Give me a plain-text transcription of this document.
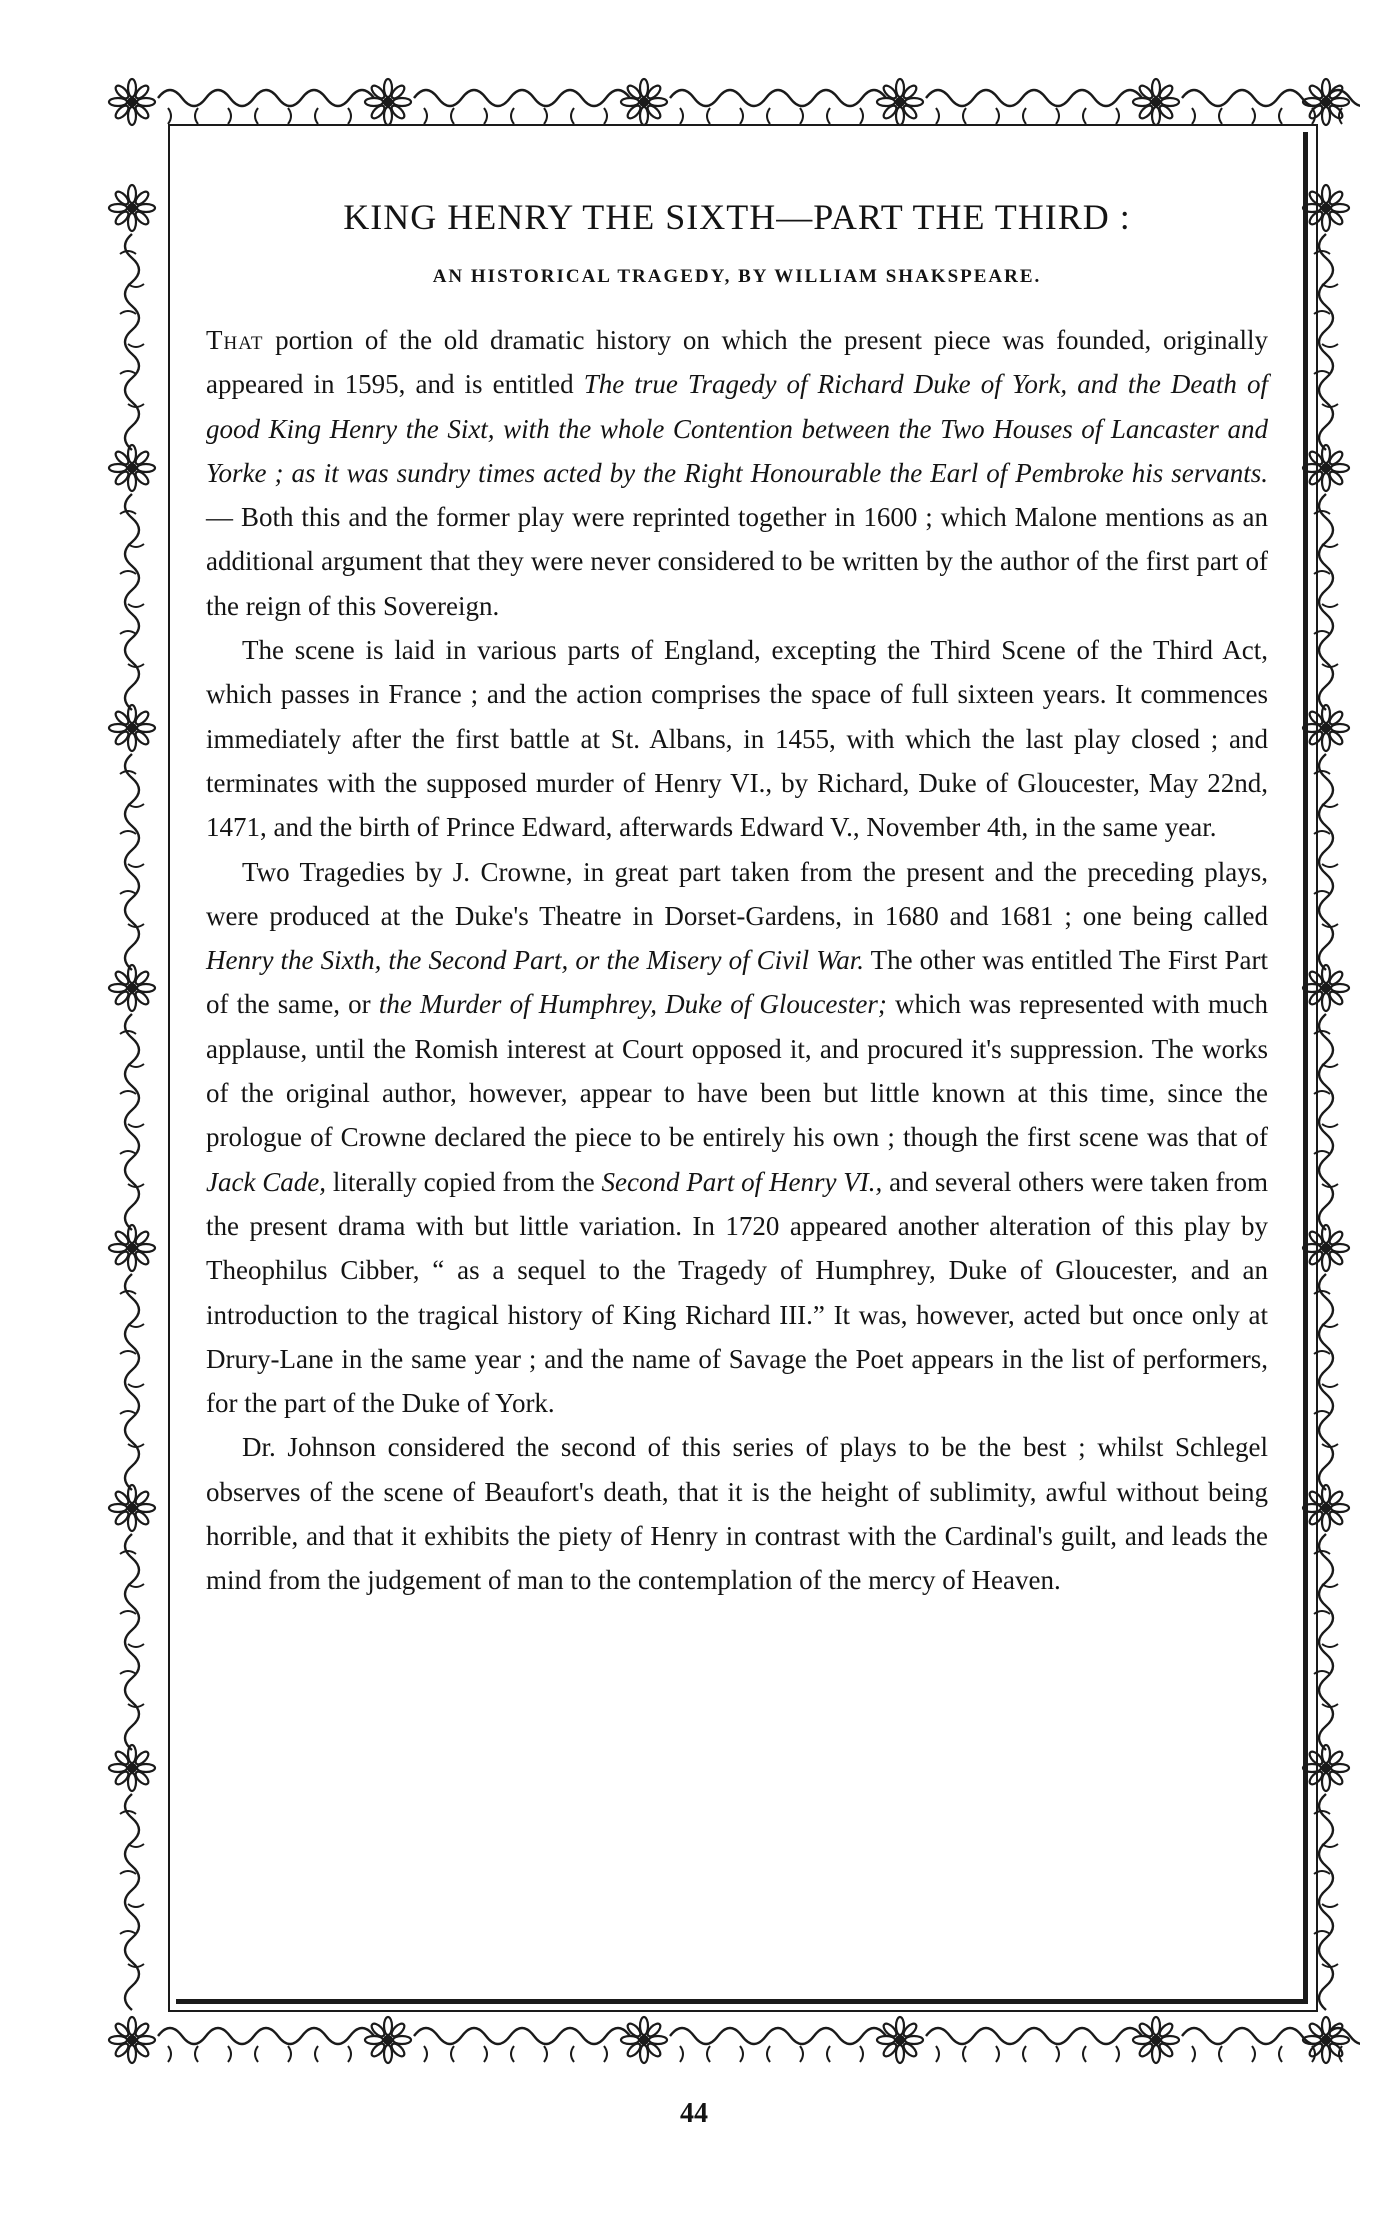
KING HENRY THE SIXTH—PART THE THIRD :
AN HISTORICAL TRAGEDY, BY WILLIAM SHAKSPEARE.

That portion of the old dramatic history on which the present piece was founded, originally appeared in 1595, and is entitled The true Tragedy of Richard Duke of York, and the Death of good King Henry the Sixt, with the whole Contention between the Two Houses of Lancaster and Yorke ; as it was sundry times acted by the Right Honourable the Earl of Pembroke his servants.— Both this and the former play were reprinted together in 1600 ; which Malone mentions as an additional argument that they were never considered to be written by the author of the first part of the reign of this Sovereign.

The scene is laid in various parts of England, excepting the Third Scene of the Third Act, which passes in France ; and the action comprises the space of full sixteen years. It commences immediately after the first battle at St. Albans, in 1455, with which the last play closed ; and terminates with the supposed murder of Henry VI., by Richard, Duke of Gloucester, May 22nd, 1471, and the birth of Prince Edward, afterwards Edward V., November 4th, in the same year.

Two Tragedies by J. Crowne, in great part taken from the present and the preceding plays, were produced at the Duke's Theatre in Dorset-Gardens, in 1680 and 1681 ; one being called Henry the Sixth, the Second Part, or the Misery of Civil War. The other was entitled The First Part of the same, or the Murder of Humphrey, Duke of Gloucester; which was represented with much applause, until the Romish interest at Court opposed it, and procured it's suppression. The works of the original author, however, appear to have been but little known at this time, since the prologue of Crowne declared the piece to be entirely his own ; though the first scene was that of Jack Cade, literally copied from the Second Part of Henry VI., and several others were taken from the present drama with but little variation. In 1720 appeared another alteration of this play by Theophilus Cibber, “ as a sequel to the Tragedy of Humphrey, Duke of Gloucester, and an introduction to the tragical history of King Richard III.” It was, however, acted but once only at Drury-Lane in the same year ; and the name of Savage the Poet appears in the list of performers, for the part of the Duke of York.

Dr. Johnson considered the second of this series of plays to be the best ; whilst Schlegel observes of the scene of Beaufort's death, that it is the height of sublimity, awful without being horrible, and that it exhibits the piety of Henry in contrast with the Cardinal's guilt, and leads the mind from the judgement of man to the contemplation of the mercy of Heaven.

44
